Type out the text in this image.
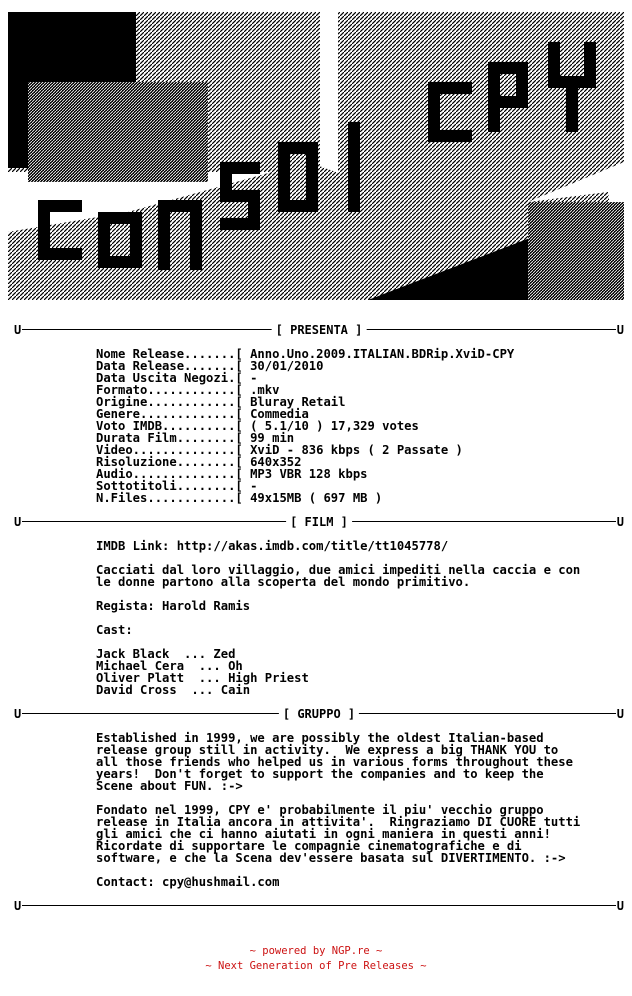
CPY
U	[ PRESENTA ]	U
Nome Release.......[ Anno.Uno.2009.ITALIAN.BDRip.XviD-CPY
Data Release.......[ 30/01/2010
Data Uscita Negozi.[ -
Formato............[ .mkv
Origine............[ Bluray Retail
Genere.............[ Commedia
Voto IMDB..........[ ( 5.1/10 ) 17,329 votes
Durata Film........[ 99 min
Video..............[ XviD - 836 kbps ( 2 Passate )
Risoluzione........[ 640x352
Audio..............[ MP3 VBR 128 kbps
Sottotitoli........[ -
N.Files............[ 49x15MB ( 697 MB )
U	[ FILM ]	U
IMDB Link: http://akas.imdb.com/title/tt1045778/

Cacciati dal loro villaggio, due amici impediti nella caccia e con
le donne partono alla scoperta del mondo primitivo.

Regista: Harold Ramis

Cast:

Jack Black  ... Zed
Michael Cera  ... Oh
Oliver Platt  ... High Priest
David Cross  ... Cain
U	[ GRUPPO ]	U
Established in 1999, we are possibly the oldest Italian-based
release group still in activity.  We express a big THANK YOU to
all those friends who helped us in various forms throughout these
years!  Don't forget to support the companies and to keep the
Scene about FUN. :->

Fondato nel 1999, CPY e' probabilmente il piu' vecchio gruppo
release in Italia ancora in attivita'.  Ringraziamo DI CUORE tutti
gli amici che ci hanno aiutati in ogni maniera in questi anni!
Ricordate di supportare le compagnie cinematografiche e di
software, e che la Scena dev'essere basata sul DIVERTIMENTO. :->

Contact: cpy@hushmail.com
U	U
~ powered by NGP.re ~
~ Next Generation of Pre Releases ~
